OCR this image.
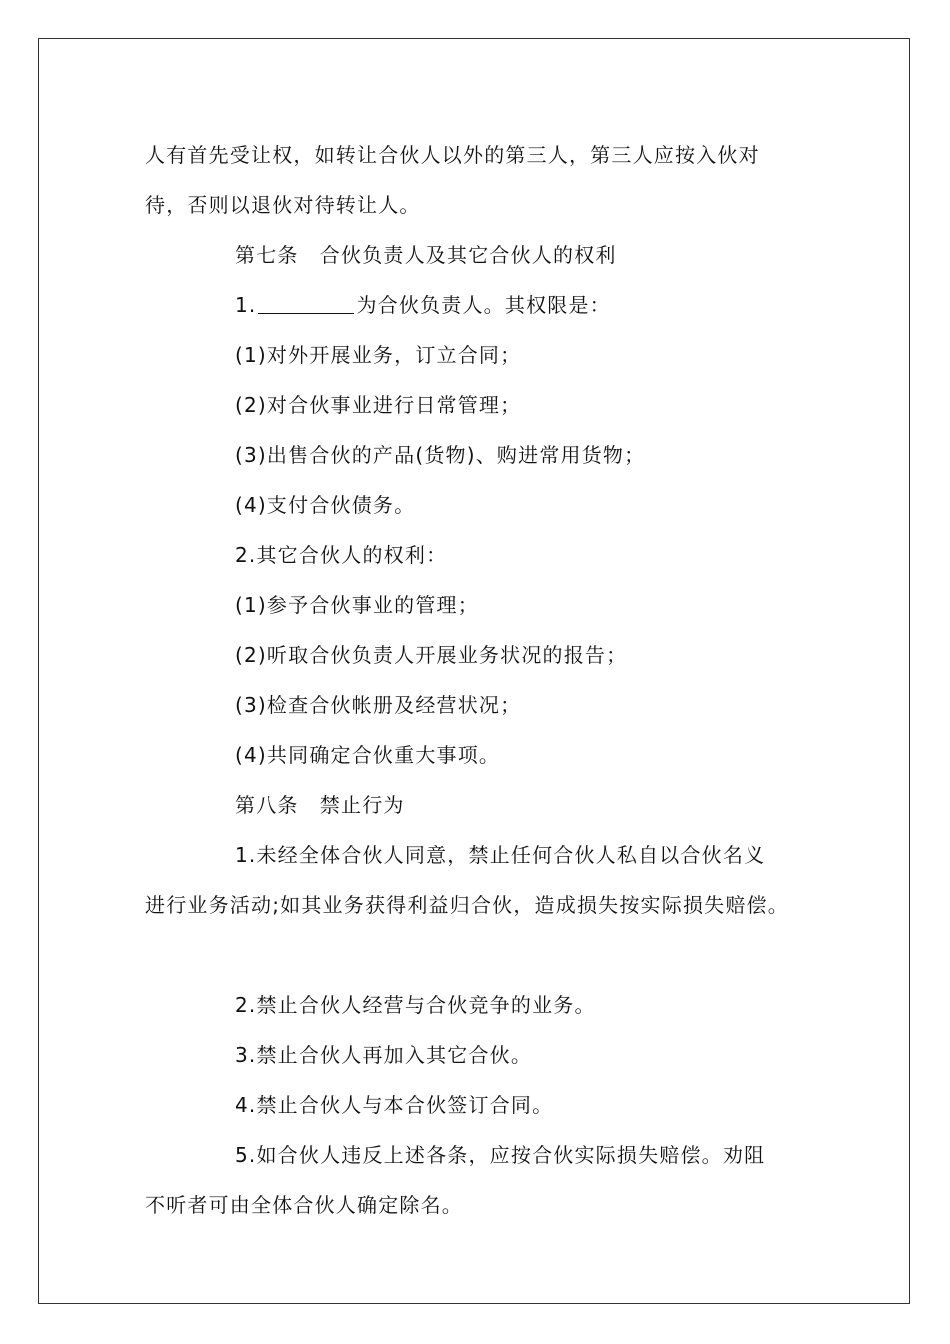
人有首先受让权，如转让合伙人以外的第三人，第三人应按入伙对
待，否则以退伙对待转让人。
第七条　合伙负责人及其它合伙人的权利
1.	为合伙负责人。其权限是：
(1)对外开展业务，订立合同；
(2)对合伙事业进行日常管理；
(3)出售合伙的产品(货物)、购进常用货物；
(4)支付合伙债务。
2.其它合伙人的权利：
(1)参予合伙事业的管理；
(2)听取合伙负责人开展业务状况的报告；
(3)检查合伙帐册及经营状况；
(4)共同确定合伙重大事项。
第八条　禁止行为
1.未经全体合伙人同意，禁止任何合伙人私自以合伙名义
进行业务活动;如其业务获得利益归合伙，造成损失按实际损失赔偿。
2.禁止合伙人经营与合伙竞争的业务。
3.禁止合伙人再加入其它合伙。
4.禁止合伙人与本合伙签订合同。
5.如合伙人违反上述各条，应按合伙实际损失赔偿。劝阻
不听者可由全体合伙人确定除名。
